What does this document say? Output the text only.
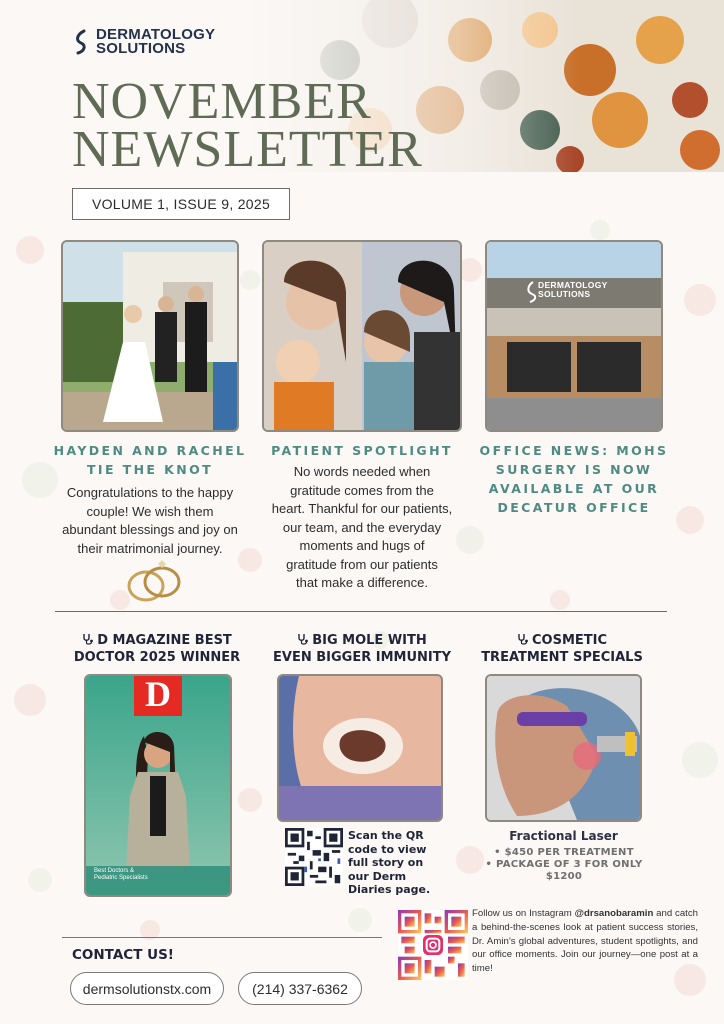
DERMATOLOGY
SOLUTIONS
NOVEMBER
NEWSLETTER
VOLUME 1, ISSUE 9, 2025
DERMATOLOGY
SOLUTIONS
HAYDEN AND RACHEL
TIE THE KNOT
Congratulations to the happy
couple! We wish them
abundant blessings and joy on
their matrimonial journey.
PATIENT SPOTLIGHT
No words needed when
gratitude comes from the
heart. Thankful for our patients,
our team, and the everyday
moments and hugs of
gratitude from our patients
that make a difference.
OFFICE NEWS: MOHS
SURGERY IS NOW
AVAILABLE AT OUR
DECATUR OFFICE
D MAGAZINE BEST
DOCTOR 2025 WINNER
BIG MOLE WITH
EVEN BIGGER IMMUNITY
COSMETIC
TREATMENT SPECIALS
D
Best Doctors &
Pediatric Specialists
Scan the QR
code to view
full story on
our Derm
Diaries page.
Fractional Laser
• $450 PER TREATMENT
• PACKAGE OF 3 FOR ONLY
$1200
CONTACT US!
dermsolutionstx.com	(214) 337-6362
Follow us on Instagram @drsanobaramin and catch a behind-the-scenes look at patient success stories, Dr. Amin’s global adventures, student spotlights, and our office moments. Join our journey—one post at a time!
